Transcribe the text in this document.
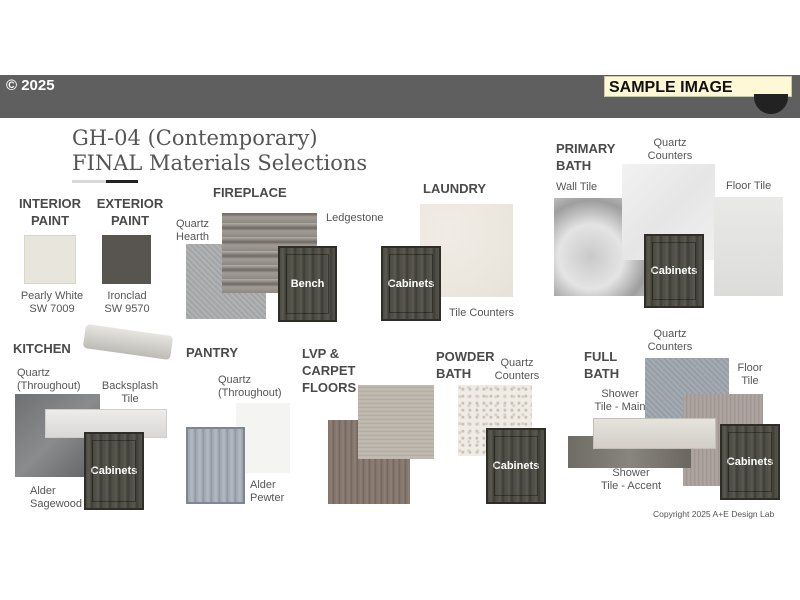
© 2025	SAMPLE IMAGE
GH-04 (Contemporary)
FINAL Materials Selections
INTERIOR
PAINT
EXTERIOR
PAINT
Pearly White
SW 7009
Ironclad
SW 9570
FIREPLACE
Quartz
Hearth
Ledgestone
Bench
LAUNDRY
Cabinets
Tile Counters
PRIMARY
BATH
Quartz
Counters
Wall Tile	Floor Tile
Cabinets
KITCHEN
Quartz
(Throughout) Backsplash
Tile
Cabinets
Alder
Sagewood
PANTRY
Quartz
(Throughout)
Alder
Pewter
LVP &
CARPET
FLOORS
POWDER
BATH
Quartz
Counters
Cabinets
FULL
BATH
Quartz
Counters
Floor
Tile
Shower
Tile - Main
Shower
Tile - Accent
Cabinets
Copyright 2025 A+E Design Lab
